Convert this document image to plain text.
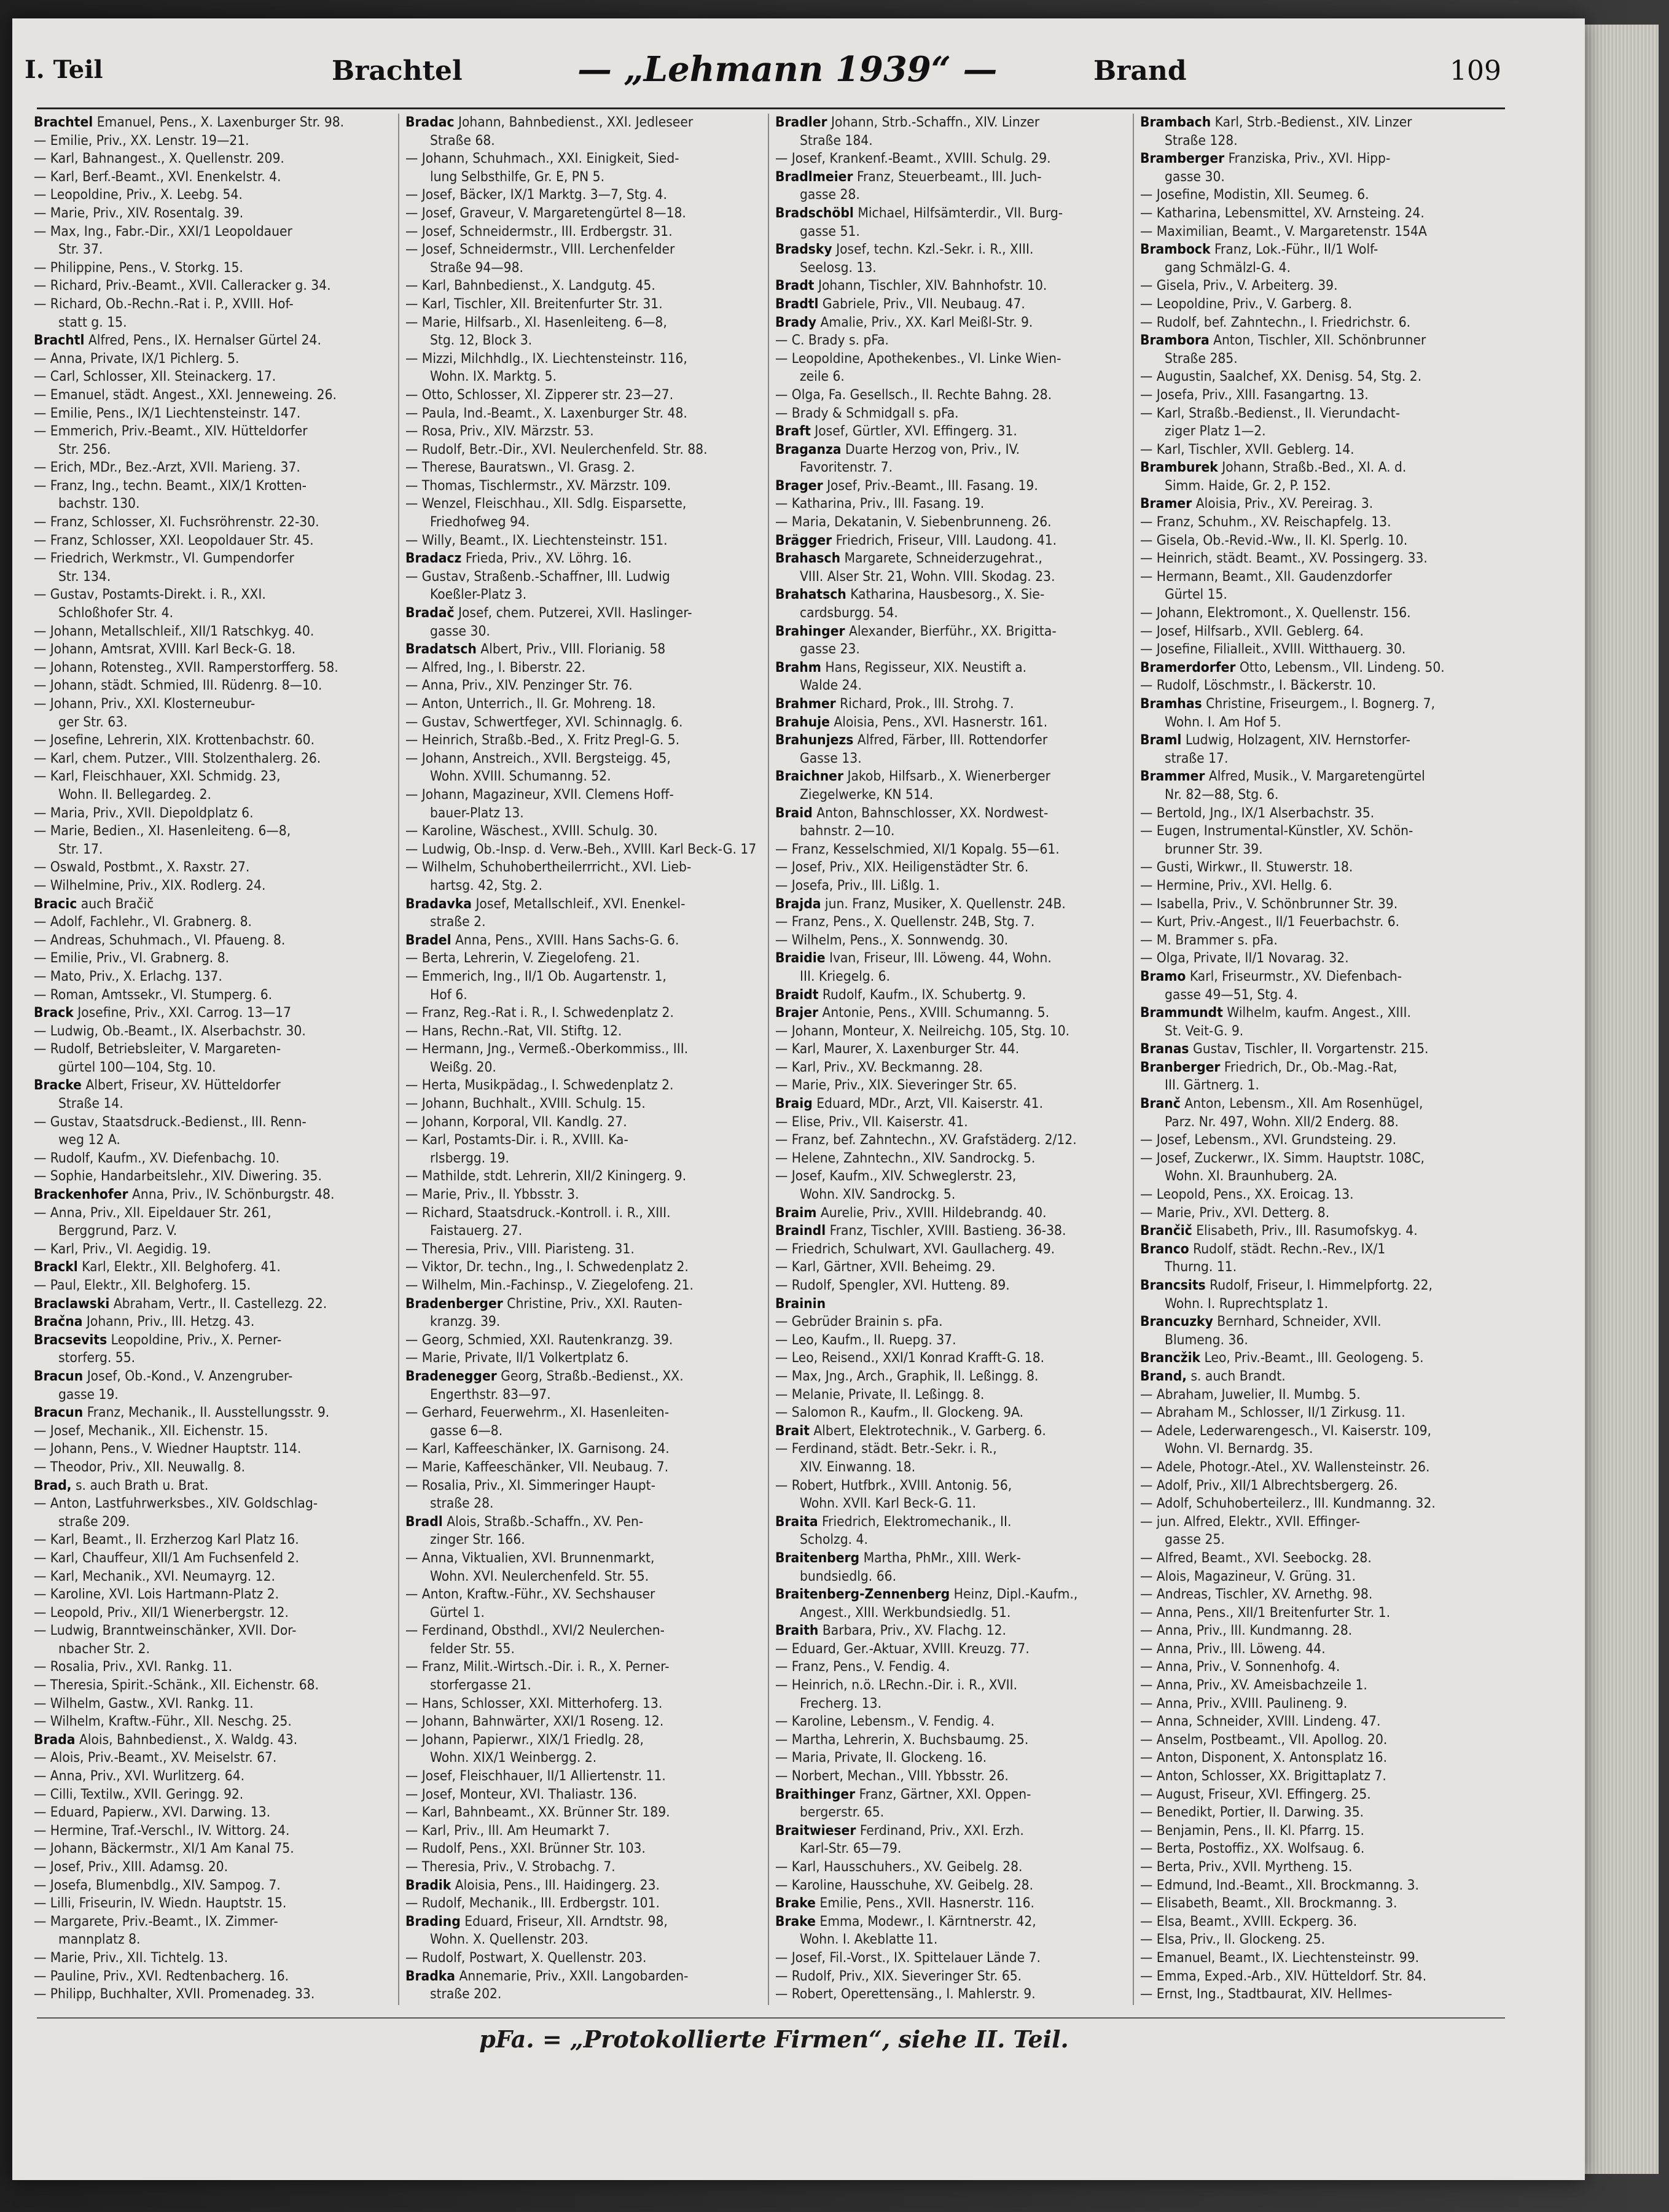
I. Teil	Brachtel	— „Lehmann 1939“ —	Brand	109
Brachtel Emanuel, Pens., X. Laxenburger Str. 98.
— Emilie, Priv., XX. Lenstr. 19—21.
— Karl, Bahnangest., X. Quellenstr. 209.
— Karl, Berf.-Beamt., XVI. Enenkelstr. 4.
— Leopoldine, Priv., X. Leebg. 54.
— Marie, Priv., XIV. Rosentalg. 39.
— Max, Ing., Fabr.-Dir., XXI/1 Leopoldauer
Str. 37.
— Philippine, Pens., V. Storkg. 15.
— Richard, Priv.-Beamt., XVII. Calleracker g. 34.
— Richard, Ob.-Rechn.-Rat i. P., XVIII. Hof-
statt g. 15.
Brachtl Alfred, Pens., IX. Hernalser Gürtel 24.
— Anna, Private, IX/1 Pichlerg. 5.
— Carl, Schlosser, XII. Steinackerg. 17.
— Emanuel, städt. Angest., XXI. Jenneweing. 26.
— Emilie, Pens., IX/1 Liechtensteinstr. 147.
— Emmerich, Priv.-Beamt., XIV. Hütteldorfer
Str. 256.
— Erich, MDr., Bez.-Arzt, XVII. Marieng. 37.
— Franz, Ing., techn. Beamt., XIX/1 Krotten-
bachstr. 130.
— Franz, Schlosser, XI. Fuchsröhrenstr. 22-30.
— Franz, Schlosser, XXI. Leopoldauer Str. 45.
— Friedrich, Werkmstr., VI. Gumpendorfer
Str. 134.
— Gustav, Postamts-Direkt. i. R., XXI.
Schloßhofer Str. 4.
— Johann, Metallschleif., XII/1 Ratschkyg. 40.
— Johann, Amtsrat, XVIII. Karl Beck-G. 18.
— Johann, Rotensteg., XVII. Ramperstorfferg. 58.
— Johann, städt. Schmied, III. Rüdenrg. 8—10.
— Johann, Priv., XXI. Klosterneubur-
ger Str. 63.
— Josefine, Lehrerin, XIX. Krottenbachstr. 60.
— Karl, chem. Putzer., VIII. Stolzenthalerg. 26.
— Karl, Fleischhauer, XXI. Schmidg. 23,
Wohn. II. Bellegardeg. 2.
— Maria, Priv., XVII. Diepoldplatz 6.
— Marie, Bedien., XI. Hasenleiteng. 6—8,
Str. 17.
— Oswald, Postbmt., X. Raxstr. 27.
— Wilhelmine, Priv., XIX. Rodlerg. 24.
Bracic auch Bračič
— Adolf, Fachlehr., VI. Grabnerg. 8.
— Andreas, Schuhmach., VI. Pfaueng. 8.
— Emilie, Priv., VI. Grabnerg. 8.
— Mato, Priv., X. Erlachg. 137.
— Roman, Amtssekr., VI. Stumperg. 6.
Brack Josefine, Priv., XXI. Carrog. 13—17
— Ludwig, Ob.-Beamt., IX. Alserbachstr. 30.
— Rudolf, Betriebsleiter, V. Margareten-
gürtel 100—104, Stg. 10.
Bracke Albert, Friseur, XV. Hütteldorfer
Straße 14.
— Gustav, Staatsdruck.-Bedienst., III. Renn-
weg 12 A.
— Rudolf, Kaufm., XV. Diefenbachg. 10.
— Sophie, Handarbeitslehr., XIV. Diwering. 35.
Brackenhofer Anna, Priv., IV. Schönburgstr. 48.
— Anna, Priv., XII. Eipeldauer Str. 261,
Berggrund, Parz. V.
— Karl, Priv., VI. Aegidig. 19.
Brackl Karl, Elektr., XII. Belghoferg. 41.
— Paul, Elektr., XII. Belghoferg. 15.
Braclawski Abraham, Vertr., II. Castellezg. 22.
Bračna Johann, Priv., III. Hetzg. 43.
Bracsevits Leopoldine, Priv., X. Perner-
storferg. 55.
Bracun Josef, Ob.-Kond., V. Anzengruber-
gasse 19.
Bracun Franz, Mechanik., II. Ausstellungsstr. 9.
— Josef, Mechanik., XII. Eichenstr. 15.
— Johann, Pens., V. Wiedner Hauptstr. 114.
— Theodor, Priv., XII. Neuwallg. 8.
Brad, s. auch Brath u. Brat.
— Anton, Lastfuhrwerksbes., XIV. Goldschlag-
straße 209.
— Karl, Beamt., II. Erzherzog Karl Platz 16.
— Karl, Chauffeur, XII/1 Am Fuchsenfeld 2.
— Karl, Mechanik., XVI. Neumayrg. 12.
— Karoline, XVI. Lois Hartmann-Platz 2.
— Leopold, Priv., XII/1 Wienerbergstr. 12.
— Ludwig, Branntweinschänker, XVII. Dor-
nbacher Str. 2.
— Rosalia, Priv., XVI. Rankg. 11.
— Theresia, Spirit.-Schänk., XII. Eichenstr. 68.
— Wilhelm, Gastw., XVI. Rankg. 11.
— Wilhelm, Kraftw.-Führ., XII. Neschg. 25.
Brada Alois, Bahnbedienst., X. Waldg. 43.
— Alois, Priv.-Beamt., XV. Meiselstr. 67.
— Anna, Priv., XVI. Wurlitzerg. 64.
— Cilli, Textilw., XVII. Geringg. 92.
— Eduard, Papierw., XVI. Darwing. 13.
— Hermine, Traf.-Verschl., IV. Wittorg. 24.
— Johann, Bäckermstr., XI/1 Am Kanal 75.
— Josef, Priv., XIII. Adamsg. 20.
— Josefa, Blumenbdlg., XIV. Sampog. 7.
— Lilli, Friseurin, IV. Wiedn. Hauptstr. 15.
— Margarete, Priv.-Beamt., IX. Zimmer-
mannplatz 8.
— Marie, Priv., XII. Tichtelg. 13.
— Pauline, Priv., XVI. Redtenbacherg. 16.
— Philipp, Buchhalter, XVII. Promenadeg. 33.
Bradac Johann, Bahnbedienst., XXI. Jedleseer
Straße 68.
— Johann, Schuhmach., XXI. Einigkeit, Sied-
lung Selbsthilfe, Gr. E, PN 5.
— Josef, Bäcker, IX/1 Marktg. 3—7, Stg. 4.
— Josef, Graveur, V. Margaretengürtel 8—18.
— Josef, Schneidermstr., III. Erdbergstr. 31.
— Josef, Schneidermstr., VIII. Lerchenfelder
Straße 94—98.
— Karl, Bahnbedienst., X. Landgutg. 45.
— Karl, Tischler, XII. Breitenfurter Str. 31.
— Marie, Hilfsarb., XI. Hasenleiteng. 6—8,
Stg. 12, Block 3.
— Mizzi, Milchhdlg., IX. Liechtensteinstr. 116,
Wohn. IX. Marktg. 5.
— Otto, Schlosser, XI. Zipperer str. 23—27.
— Paula, Ind.-Beamt., X. Laxenburger Str. 48.
— Rosa, Priv., XIV. Märzstr. 53.
— Rudolf, Betr.-Dir., XVI. Neulerchenfeld. Str. 88.
— Therese, Bauratswn., VI. Grasg. 2.
— Thomas, Tischlermstr., XV. Märzstr. 109.
— Wenzel, Fleischhau., XII. Sdlg. Eisparsette,
Friedhofweg 94.
— Willy, Beamt., IX. Liechtensteinstr. 151.
Bradacz Frieda, Priv., XV. Löhrg. 16.
— Gustav, Straßenb.-Schaffner, III. Ludwig
Koeßler-Platz 3.
Bradač Josef, chem. Putzerei, XVII. Haslinger-
gasse 30.
Bradatsch Albert, Priv., VIII. Florianig. 58
— Alfred, Ing., I. Biberstr. 22.
— Anna, Priv., XIV. Penzinger Str. 76.
— Anton, Unterrich., II. Gr. Mohreng. 18.
— Gustav, Schwertfeger, XVI. Schinnaglg. 6.
— Heinrich, Straßb.-Bed., X. Fritz Pregl-G. 5.
— Johann, Anstreich., XVII. Bergsteigg. 45,
Wohn. XVIII. Schumanng. 52.
— Johann, Magazineur, XVII. Clemens Hoff-
bauer-Platz 13.
— Karoline, Wäschest., XVIII. Schulg. 30.
— Ludwig, Ob.-Insp. d. Verw.-Beh., XVIII. Karl Beck-G. 17
— Wilhelm, Schuhobertheilerrricht., XVI. Lieb-
hartsg. 42, Stg. 2.
Bradavka Josef, Metallschleif., XVI. Enenkel-
straße 2.
Bradel Anna, Pens., XVIII. Hans Sachs-G. 6.
— Berta, Lehrerin, V. Ziegelofeng. 21.
— Emmerich, Ing., II/1 Ob. Augartenstr. 1,
Hof 6.
— Franz, Reg.-Rat i. R., I. Schwedenplatz 2.
— Hans, Rechn.-Rat, VII. Stiftg. 12.
— Hermann, Jng., Vermeß.-Oberkommiss., III.
Weißg. 20.
— Herta, Musikpädag., I. Schwedenplatz 2.
— Johann, Buchhalt., XVIII. Schulg. 15.
— Johann, Korporal, VII. Kandlg. 27.
— Karl, Postamts-Dir. i. R., XVIII. Ka-
rlsbergg. 19.
— Mathilde, stdt. Lehrerin, XII/2 Kiningerg. 9.
— Marie, Priv., II. Ybbsstr. 3.
— Richard, Staatsdruck.-Kontroll. i. R., XIII.
Faistauerg. 27.
— Theresia, Priv., VIII. Piaristeng. 31.
— Viktor, Dr. techn., Ing., I. Schwedenplatz 2.
— Wilhelm, Min.-Fachinsp., V. Ziegelofeng. 21.
Bradenberger Christine, Priv., XXI. Rauten-
kranzg. 39.
— Georg, Schmied, XXI. Rautenkranzg. 39.
— Marie, Private, II/1 Volkertplatz 6.
Bradenegger Georg, Straßb.-Bedienst., XX.
Engerthstr. 83—97.
— Gerhard, Feuerwehrm., XI. Hasenleiten-
gasse 6—8.
— Karl, Kaffeeschänker, IX. Garnisong. 24.
— Marie, Kaffeeschänker, VII. Neubaug. 7.
— Rosalia, Priv., XI. Simmeringer Haupt-
straße 28.
Bradl Alois, Straßb.-Schaffn., XV. Pen-
zinger Str. 166.
— Anna, Viktualien, XVI. Brunnenmarkt,
Wohn. XVI. Neulerchenfeld. Str. 55.
— Anton, Kraftw.-Führ., XV. Sechshauser
Gürtel 1.
— Ferdinand, Obsthdl., XVI/2 Neulerchen-
felder Str. 55.
— Franz, Milit.-Wirtsch.-Dir. i. R., X. Perner-
storfergasse 21.
— Hans, Schlosser, XXI. Mitterhoferg. 13.
— Johann, Bahnwärter, XXI/1 Roseng. 12.
— Johann, Papierwr., XIX/1 Friedlg. 28,
Wohn. XIX/1 Weinbergg. 2.
— Josef, Fleischhauer, II/1 Alliertenstr. 11.
— Josef, Monteur, XVI. Thaliastr. 136.
— Karl, Bahnbeamt., XX. Brünner Str. 189.
— Karl, Priv., III. Am Heumarkt 7.
— Rudolf, Pens., XXI. Brünner Str. 103.
— Theresia, Priv., V. Strobachg. 7.
Bradik Aloisia, Pens., III. Haidingerg. 23.
— Rudolf, Mechanik., III. Erdbergstr. 101.
Brading Eduard, Friseur, XII. Arndtstr. 98,
Wohn. X. Quellenstr. 203.
— Rudolf, Postwart, X. Quellenstr. 203.
Bradka Annemarie, Priv., XXII. Langobarden-
straße 202.
Bradler Johann, Strb.-Schaffn., XIV. Linzer
Straße 184.
— Josef, Krankenf.-Beamt., XVIII. Schulg. 29.
Bradlmeier Franz, Steuerbeamt., III. Juch-
gasse 28.
Bradschöbl Michael, Hilfsämterdir., VII. Burg-
gasse 51.
Bradsky Josef, techn. Kzl.-Sekr. i. R., XIII.
Seelosg. 13.
Bradt Johann, Tischler, XIV. Bahnhofstr. 10.
Bradtl Gabriele, Priv., VII. Neubaug. 47.
Brady Amalie, Priv., XX. Karl Meißl-Str. 9.
— C. Brady s. pFa.
— Leopoldine, Apothekenbes., VI. Linke Wien-
zeile 6.
— Olga, Fa. Gesellsch., II. Rechte Bahng. 28.
— Brady & Schmidgall s. pFa.
Braft Josef, Gürtler, XVI. Effingerg. 31.
Braganza Duarte Herzog von, Priv., IV.
Favoritenstr. 7.
Brager Josef, Priv.-Beamt., III. Fasang. 19.
— Katharina, Priv., III. Fasang. 19.
— Maria, Dekatanin, V. Siebenbrunneng. 26.
Brägger Friedrich, Friseur, VIII. Laudong. 41.
Brahasch Margarete, Schneiderzugehrat.,
VIII. Alser Str. 21, Wohn. VIII. Skodag. 23.
Brahatsch Katharina, Hausbesorg., X. Sie-
cardsburgg. 54.
Brahinger Alexander, Bierführ., XX. Brigitta-
gasse 23.
Brahm Hans, Regisseur, XIX. Neustift a.
Walde 24.
Brahmer Richard, Prok., III. Strohg. 7.
Brahuje Aloisia, Pens., XVI. Hasnerstr. 161.
Brahunjezs Alfred, Färber, III. Rottendorfer
Gasse 13.
Braichner Jakob, Hilfsarb., X. Wienerberger
Ziegelwerke, KN 514.
Braid Anton, Bahnschlosser, XX. Nordwest-
bahnstr. 2—10.
— Franz, Kesselschmied, XI/1 Kopalg. 55—61.
— Josef, Priv., XIX. Heiligenstädter Str. 6.
— Josefa, Priv., III. Lißlg. 1.
Brajda jun. Franz, Musiker, X. Quellenstr. 24B.
— Franz, Pens., X. Quellenstr. 24B, Stg. 7.
— Wilhelm, Pens., X. Sonnwendg. 30.
Braidie Ivan, Friseur, III. Löweng. 44, Wohn.
III. Kriegelg. 6.
Braidt Rudolf, Kaufm., IX. Schubertg. 9.
Brajer Antonie, Pens., XVIII. Schumanng. 5.
— Johann, Monteur, X. Neilreichg. 105, Stg. 10.
— Karl, Maurer, X. Laxenburger Str. 44.
— Karl, Priv., XV. Beckmanng. 28.
— Marie, Priv., XIX. Sieveringer Str. 65.
Braig Eduard, MDr., Arzt, VII. Kaiserstr. 41.
— Elise, Priv., VII. Kaiserstr. 41.
— Franz, bef. Zahntechn., XV. Grafstäderg. 2/12.
— Helene, Zahntechn., XIV. Sandrockg. 5.
— Josef, Kaufm., XIV. Schweglerstr. 23,
Wohn. XIV. Sandrockg. 5.
Braim Aurelie, Priv., XVIII. Hildebrandg. 40.
Braindl Franz, Tischler, XVIII. Bastieng. 36-38.
— Friedrich, Schulwart, XVI. Gaullacherg. 49.
— Karl, Gärtner, XVII. Beheimg. 29.
— Rudolf, Spengler, XVI. Hutteng. 89.
Brainin
— Gebrüder Brainin s. pFa.
— Leo, Kaufm., II. Ruepg. 37.
— Leo, Reisend., XXI/1 Konrad Krafft-G. 18.
— Max, Jng., Arch., Graphik, II. Leßingg. 8.
— Melanie, Private, II. Leßingg. 8.
— Salomon R., Kaufm., II. Glockeng. 9A.
Brait Albert, Elektrotechnik., V. Garberg. 6.
— Ferdinand, städt. Betr.-Sekr. i. R.,
XIV. Einwanng. 18.
— Robert, Hutfbrk., XVIII. Antonig. 56,
Wohn. XVII. Karl Beck-G. 11.
Braita Friedrich, Elektromechanik., II.
Scholzg. 4.
Braitenberg Martha, PhMr., XIII. Werk-
bundsiedlg. 66.
Braitenberg-Zennenberg Heinz, Dipl.-Kaufm.,
Angest., XIII. Werkbundsiedlg. 51.
Braith Barbara, Priv., XV. Flachg. 12.
— Eduard, Ger.-Aktuar, XVIII. Kreuzg. 77.
— Franz, Pens., V. Fendig. 4.
— Heinrich, n.ö. LRechn.-Dir. i. R., XVII.
Frecherg. 13.
— Karoline, Lebensm., V. Fendig. 4.
— Martha, Lehrerin, X. Buchsbaumg. 25.
— Maria, Private, II. Glockeng. 16.
— Norbert, Mechan., VIII. Ybbsstr. 26.
Braithinger Franz, Gärtner, XXI. Oppen-
bergerstr. 65.
Braitwieser Ferdinand, Priv., XXI. Erzh.
Karl-Str. 65—79.
— Karl, Hausschuhers., XV. Geibelg. 28.
— Karoline, Hausschuhe, XV. Geibelg. 28.
Brake Emilie, Pens., XVII. Hasnerstr. 116.
Brake Emma, Modewr., I. Kärntnerstr. 42,
Wohn. I. Akeblatte 11.
— Josef, Fil.-Vorst., IX. Spittelauer Lände 7.
— Rudolf, Priv., XIX. Sieveringer Str. 65.
— Robert, Operettensäng., I. Mahlerstr. 9.
Brambach Karl, Strb.-Bedienst., XIV. Linzer
Straße 128.
Bramberger Franziska, Priv., XVI. Hipp-
gasse 30.
— Josefine, Modistin, XII. Seumeg. 6.
— Katharina, Lebensmittel, XV. Arnsteing. 24.
— Maximilian, Beamt., V. Margaretenstr. 154A
Brambock Franz, Lok.-Führ., II/1 Wolf-
gang Schmälzl-G. 4.
— Gisela, Priv., V. Arbeiterg. 39.
— Leopoldine, Priv., V. Garberg. 8.
— Rudolf, bef. Zahntechn., I. Friedrichstr. 6.
Brambora Anton, Tischler, XII. Schönbrunner
Straße 285.
— Augustin, Saalchef, XX. Denisg. 54, Stg. 2.
— Josefa, Priv., XIII. Fasangartng. 13.
— Karl, Straßb.-Bedienst., II. Vierundacht-
ziger Platz 1—2.
— Karl, Tischler, XVII. Geblerg. 14.
Bramburek Johann, Straßb.-Bed., XI. A. d.
Simm. Haide, Gr. 2, P. 152.
Bramer Aloisia, Priv., XV. Pereirag. 3.
— Franz, Schuhm., XV. Reischapfelg. 13.
— Gisela, Ob.-Revid.-Ww., II. Kl. Sperlg. 10.
— Heinrich, städt. Beamt., XV. Possingerg. 33.
— Hermann, Beamt., XII. Gaudenzdorfer
Gürtel 15.
— Johann, Elektromont., X. Quellenstr. 156.
— Josef, Hilfsarb., XVII. Geblerg. 64.
— Josefine, Filialleit., XVIII. Witthauerg. 30.
Bramerdorfer Otto, Lebensm., VII. Lindeng. 50.
— Rudolf, Löschmstr., I. Bäckerstr. 10.
Bramhas Christine, Friseurgem., I. Bognerg. 7,
Wohn. I. Am Hof 5.
Braml Ludwig, Holzagent, XIV. Hernstorfer-
straße 17.
Brammer Alfred, Musik., V. Margaretengürtel
Nr. 82—88, Stg. 6.
— Bertold, Jng., IX/1 Alserbachstr. 35.
— Eugen, Instrumental-Künstler, XV. Schön-
brunner Str. 39.
— Gusti, Wirkwr., II. Stuwerstr. 18.
— Hermine, Priv., XVI. Hellg. 6.
— Isabella, Priv., V. Schönbrunner Str. 39.
— Kurt, Priv.-Angest., II/1 Feuerbachstr. 6.
— M. Brammer s. pFa.
— Olga, Private, II/1 Novarag. 32.
Bramo Karl, Friseurmstr., XV. Diefenbach-
gasse 49—51, Stg. 4.
Brammundt Wilhelm, kaufm. Angest., XIII.
St. Veit-G. 9.
Branas Gustav, Tischler, II. Vorgartenstr. 215.
Branberger Friedrich, Dr., Ob.-Mag.-Rat,
III. Gärtnerg. 1.
Branč Anton, Lebensm., XII. Am Rosenhügel,
Parz. Nr. 497, Wohn. XII/2 Enderg. 88.
— Josef, Lebensm., XVI. Grundsteing. 29.
— Josef, Zuckerwr., IX. Simm. Hauptstr. 108C,
Wohn. XI. Braunhuberg. 2A.
— Leopold, Pens., XX. Eroicag. 13.
— Marie, Priv., XVI. Detterg. 8.
Brančič Elisabeth, Priv., III. Rasumofskyg. 4.
Branco Rudolf, städt. Rechn.-Rev., IX/1
Thurng. 11.
Brancsits Rudolf, Friseur, I. Himmelpfortg. 22,
Wohn. I. Ruprechtsplatz 1.
Brancuzky Bernhard, Schneider, XVII.
Blumeng. 36.
Brancžik Leo, Priv.-Beamt., III. Geologeng. 5.
Brand, s. auch Brandt.
— Abraham, Juwelier, II. Mumbg. 5.
— Abraham M., Schlosser, II/1 Zirkusg. 11.
— Adele, Lederwarengesch., VI. Kaiserstr. 109,
Wohn. VI. Bernardg. 35.
— Adele, Photogr.-Atel., XV. Wallensteinstr. 26.
— Adolf, Priv., XII/1 Albrechtsbergerg. 26.
— Adolf, Schuhoberteilerz., III. Kundmanng. 32.
— jun. Alfred, Elektr., XVII. Effinger-
gasse 25.
— Alfred, Beamt., XVI. Seebockg. 28.
— Alois, Magazineur, V. Grüng. 31.
— Andreas, Tischler, XV. Arnethg. 98.
— Anna, Pens., XII/1 Breitenfurter Str. 1.
— Anna, Priv., III. Kundmanng. 28.
— Anna, Priv., III. Löweng. 44.
— Anna, Priv., V. Sonnenhofg. 4.
— Anna, Priv., XV. Ameisbachzeile 1.
— Anna, Priv., XVIII. Paulineng. 9.
— Anna, Schneider, XVIII. Lindeng. 47.
— Anselm, Postbeamt., VII. Apollog. 20.
— Anton, Disponent, X. Antonsplatz 16.
— Anton, Schlosser, XX. Brigittaplatz 7.
— August, Friseur, XVI. Effingerg. 25.
— Benedikt, Portier, II. Darwing. 35.
— Benjamin, Pens., II. Kl. Pfarrg. 15.
— Berta, Postoffiz., XX. Wolfsaug. 6.
— Berta, Priv., XVII. Myrtheng. 15.
— Edmund, Ind.-Beamt., XII. Brockmanng. 3.
— Elisabeth, Beamt., XII. Brockmanng. 3.
— Elsa, Beamt., XVIII. Eckperg. 36.
— Elsa, Priv., II. Glockeng. 25.
— Emanuel, Beamt., IX. Liechtensteinstr. 99.
— Emma, Exped.-Arb., XIV. Hütteldorf. Str. 84.
— Ernst, Ing., Stadtbaurat, XIV. Hellmes-
pFa. = „Protokollierte Firmen“, siehe II. Teil.
